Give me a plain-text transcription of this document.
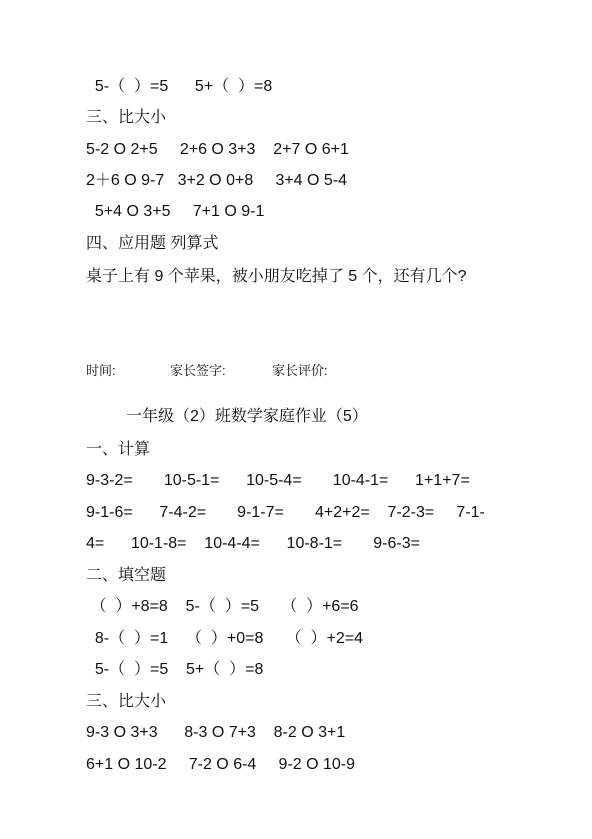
5-（  ）=5      5+（  ）=8
三、比大小
5-2 O 2+5     2+6 O 3+3    2+7 O 6+1
2＋6 O 9-7   3+2 O 0+8     3+4 O 5-4
5+4 O 3+5     7+1 O 9-1
四、应用题 列算式
桌子上有 9 个苹果，被小朋友吃掉了 5 个，还有几个?
时间:	家长签字:	家长评价:
一年级（2）班数学家庭作业（5）
一、计算
9-3-2=       10-5-1=      10-5-4=       10-4-1=      1+1+7=
9-1-6=      7-4-2=       9-1-7=       4+2+2=    7-2-3=     7-1-
4=      10-1-8=    10-4-4=      10-8-1=       9-6-3=
二、填空题
（  ）+8=8    5-（  ）=5     （  ）+6=6
8-（  ）=1    （  ）+0=8     （  ）+2=4
5-（  ）=5    5+（  ）=8
三、比大小
9-3 O 3+3      8-3 O 7+3    8-2 O 3+1
6+1 O 10-2     7-2 O 6-4     9-2 O 10-9
